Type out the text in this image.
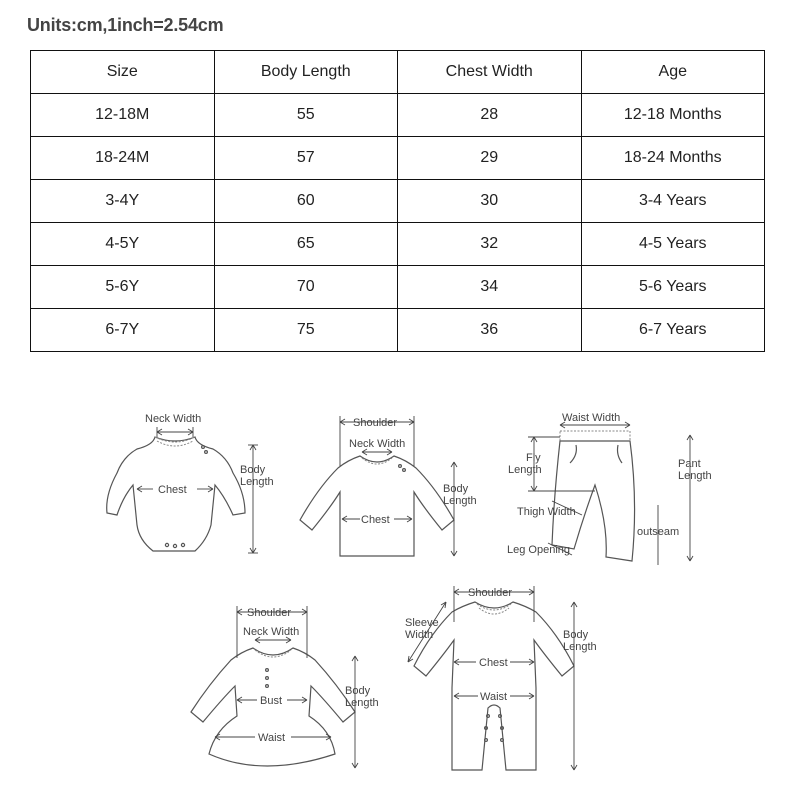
Units:cm,1inch=2.54cm
Size	Body Length	Chest Width	Age
12-18M	55	28	12-18 Months
18-24M	57	29	18-24 Months
3-4Y	60	30	3-4 Years
4-5Y	65	32	4-5 Years
5-6Y	70	34	5-6 Years
6-7Y	75	36	6-7 Years
Neck Width
Chest
Body
Length
Shoulder
Neck Width
Chest
Body
Length
Waist Width
Fly
Length	Pant
Length
Thigh Width
outseam
Leg Opening
Shoulder
Neck Width
Bust
Waist
Body
Length
Shoulder
Sleeve
Width
Chest
Waist
Body
Length
